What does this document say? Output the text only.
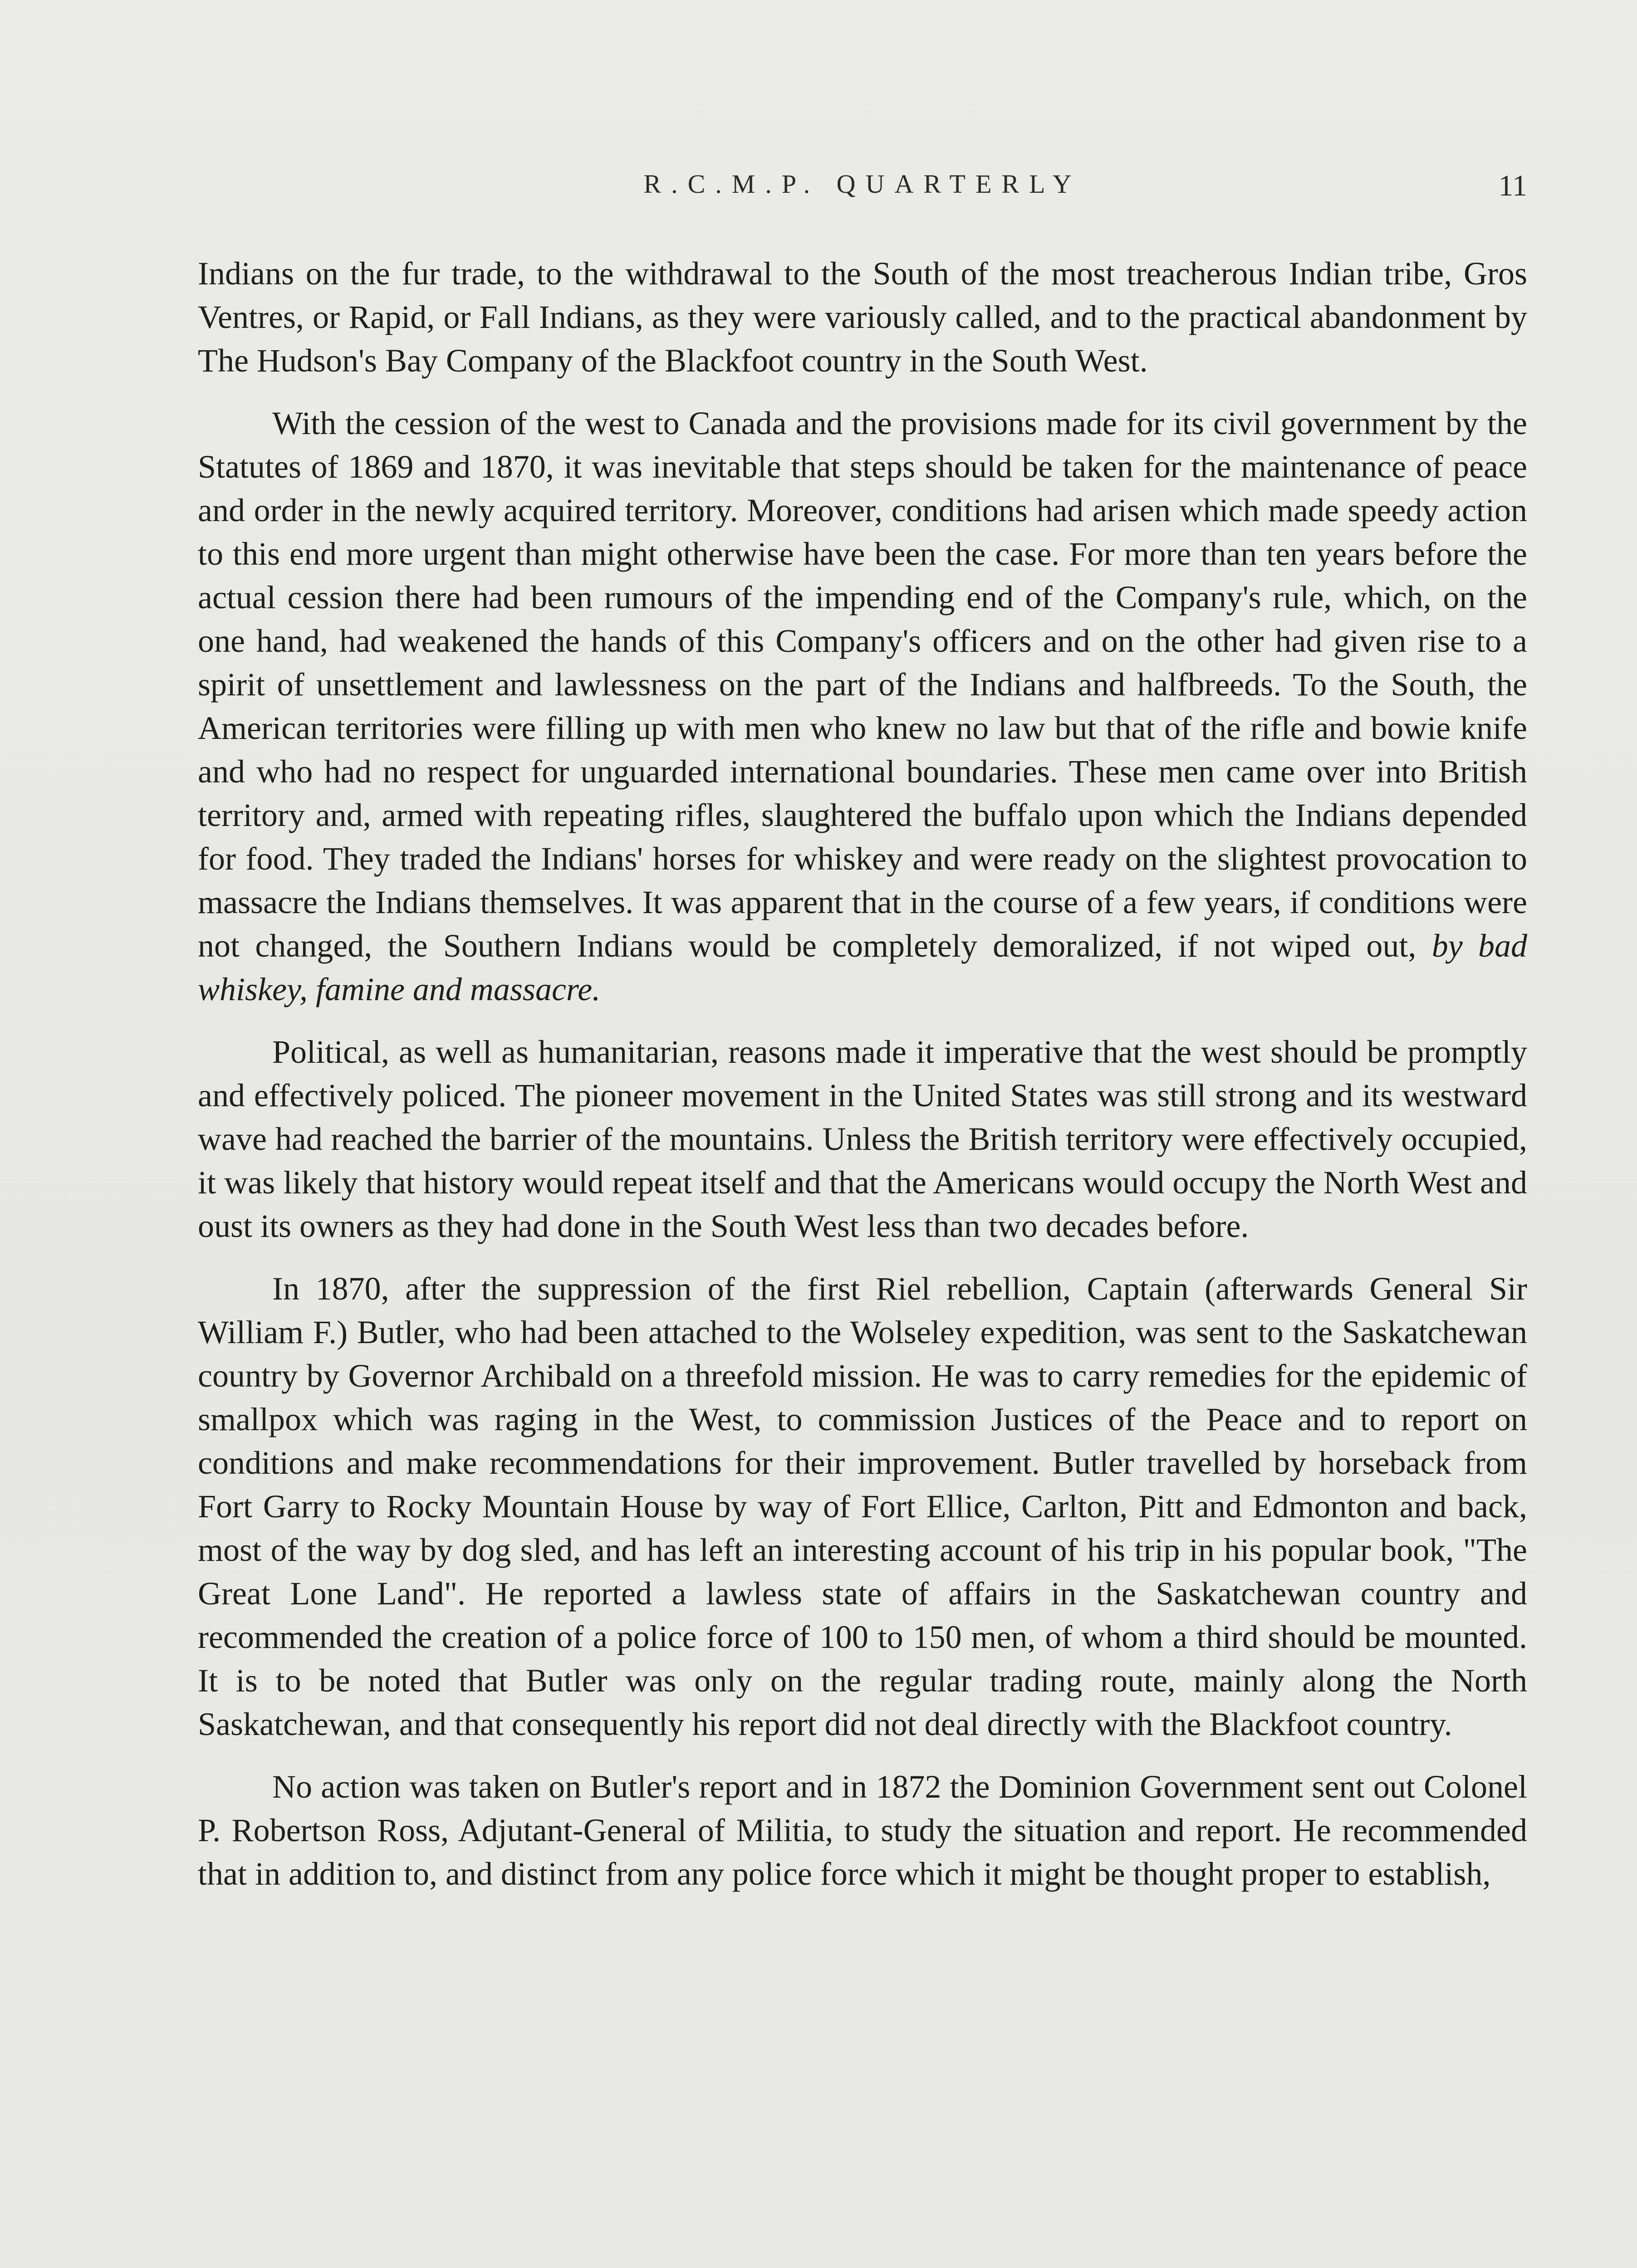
R.C.M.P. QUARTERLY	11

Indians on the fur trade, to the withdrawal to the South of the most treacherous Indian tribe, Gros Ventres, or Rapid, or Fall Indians, as they were variously called, and to the practical abandonment by The Hudson's Bay Company of the Blackfoot country in the South West.

With the cession of the west to Canada and the provisions made for its civil government by the Statutes of 1869 and 1870, it was inevitable that steps should be taken for the maintenance of peace and order in the newly acquired territory. Moreover, conditions had arisen which made speedy action to this end more urgent than might otherwise have been the case. For more than ten years before the actual cession there had been rumours of the impending end of the Company's rule, which, on the one hand, had weakened the hands of this Company's officers and on the other had given rise to a spirit of unsettlement and lawlessness on the part of the Indians and halfbreeds. To the South, the American territories were filling up with men who knew no law but that of the rifle and bowie knife and who had no respect for unguarded international boundaries. These men came over into British territory and, armed with repeating rifles, slaughtered the buffalo upon which the Indians depended for food. They traded the Indians' horses for whiskey and were ready on the slightest provocation to massacre the Indians themselves. It was apparent that in the course of a few years, if conditions were not changed, the Southern Indians would be completely demoralized, if not wiped out, by bad whiskey, famine and massacre.

Political, as well as humanitarian, reasons made it imperative that the west should be promptly and effectively policed. The pioneer movement in the United States was still strong and its westward wave had reached the barrier of the mountains. Unless the British territory were effectively occupied, it was likely that history would repeat itself and that the Americans would occupy the North West and oust its owners as they had done in the South West less than two decades before.

In 1870, after the suppression of the first Riel rebellion, Captain (afterwards General Sir William F.) Butler, who had been attached to the Wolseley expedition, was sent to the Saskatchewan country by Governor Archibald on a threefold mission. He was to carry remedies for the epidemic of smallpox which was raging in the West, to commission Justices of the Peace and to report on conditions and make recommendations for their improvement. Butler travelled by horseback from Fort Garry to Rocky Mountain House by way of Fort Ellice, Carlton, Pitt and Edmonton and back, most of the way by dog sled, and has left an interesting account of his trip in his popular book, "The Great Lone Land". He reported a lawless state of affairs in the Saskatchewan country and recommended the creation of a police force of 100 to 150 men, of whom a third should be mounted. It is to be noted that Butler was only on the regular trading route, mainly along the North Saskatchewan, and that consequently his report did not deal directly with the Blackfoot country.

No action was taken on Butler's report and in 1872 the Dominion Government sent out Colonel P. Robertson Ross, Adjutant-General of Militia, to study the situation and report. He recommended that in addition to, and distinct from any police force which it might be thought proper to establish,
